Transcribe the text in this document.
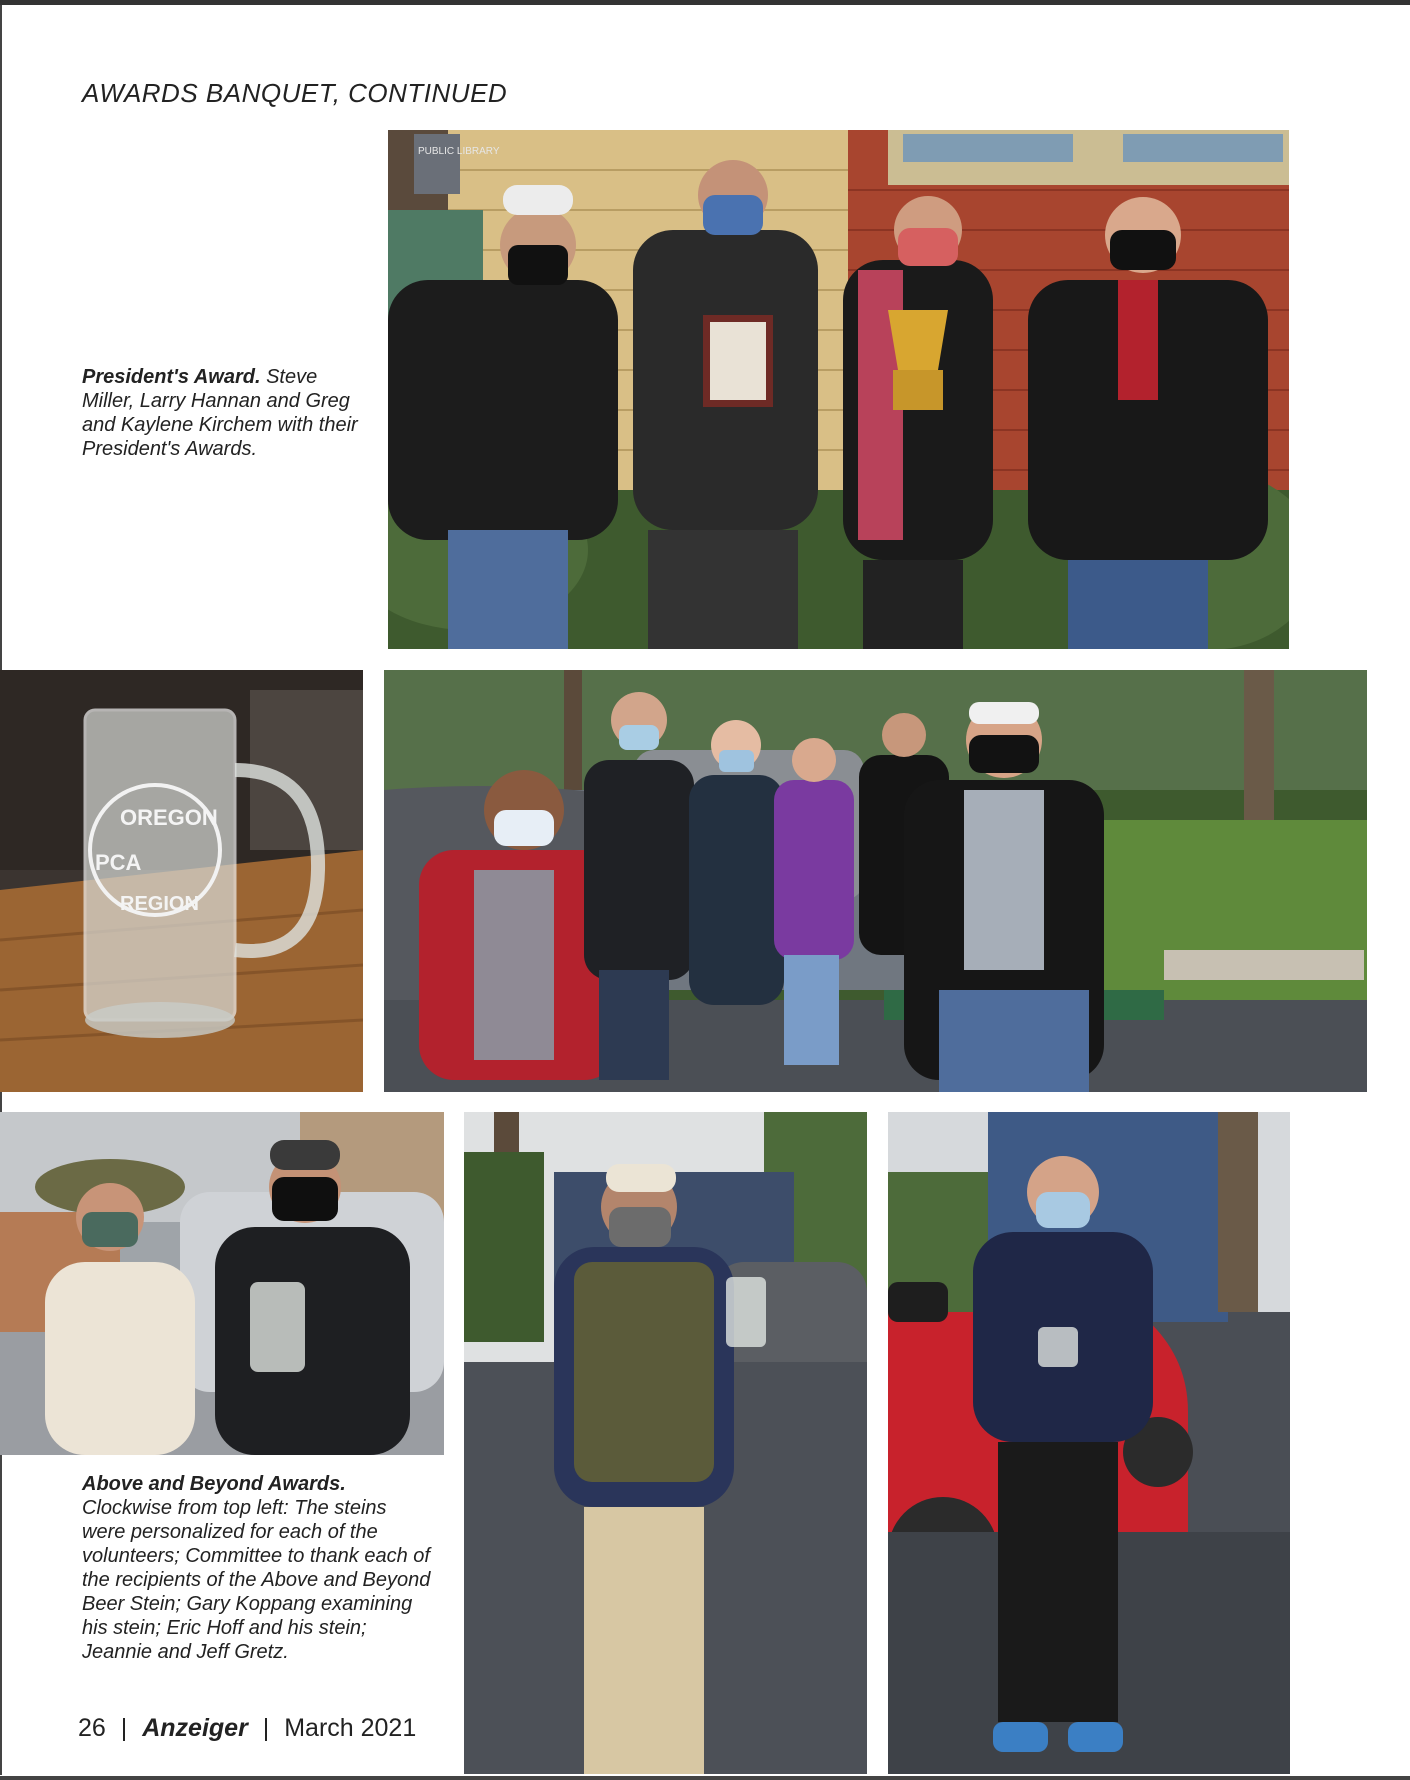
AWARDS BANQUET, CONTINUED
President's Award. Steve Miller, Larry Hannan and Greg and Kaylene Kirchem with their President's Awards.
PUBLIC LIBRARY
OREGON
REGION
PCA
Above and Beyond Awards. Clockwise from top left: The steins were personalized for each of the volunteers; Committee to thank each of the recipients of the Above and Beyond Beer Stein; Gary Koppang examining his stein; Eric Hoff and his stein; Jeannie and Jeff Gretz.
26 | Anzeiger | March 2021
